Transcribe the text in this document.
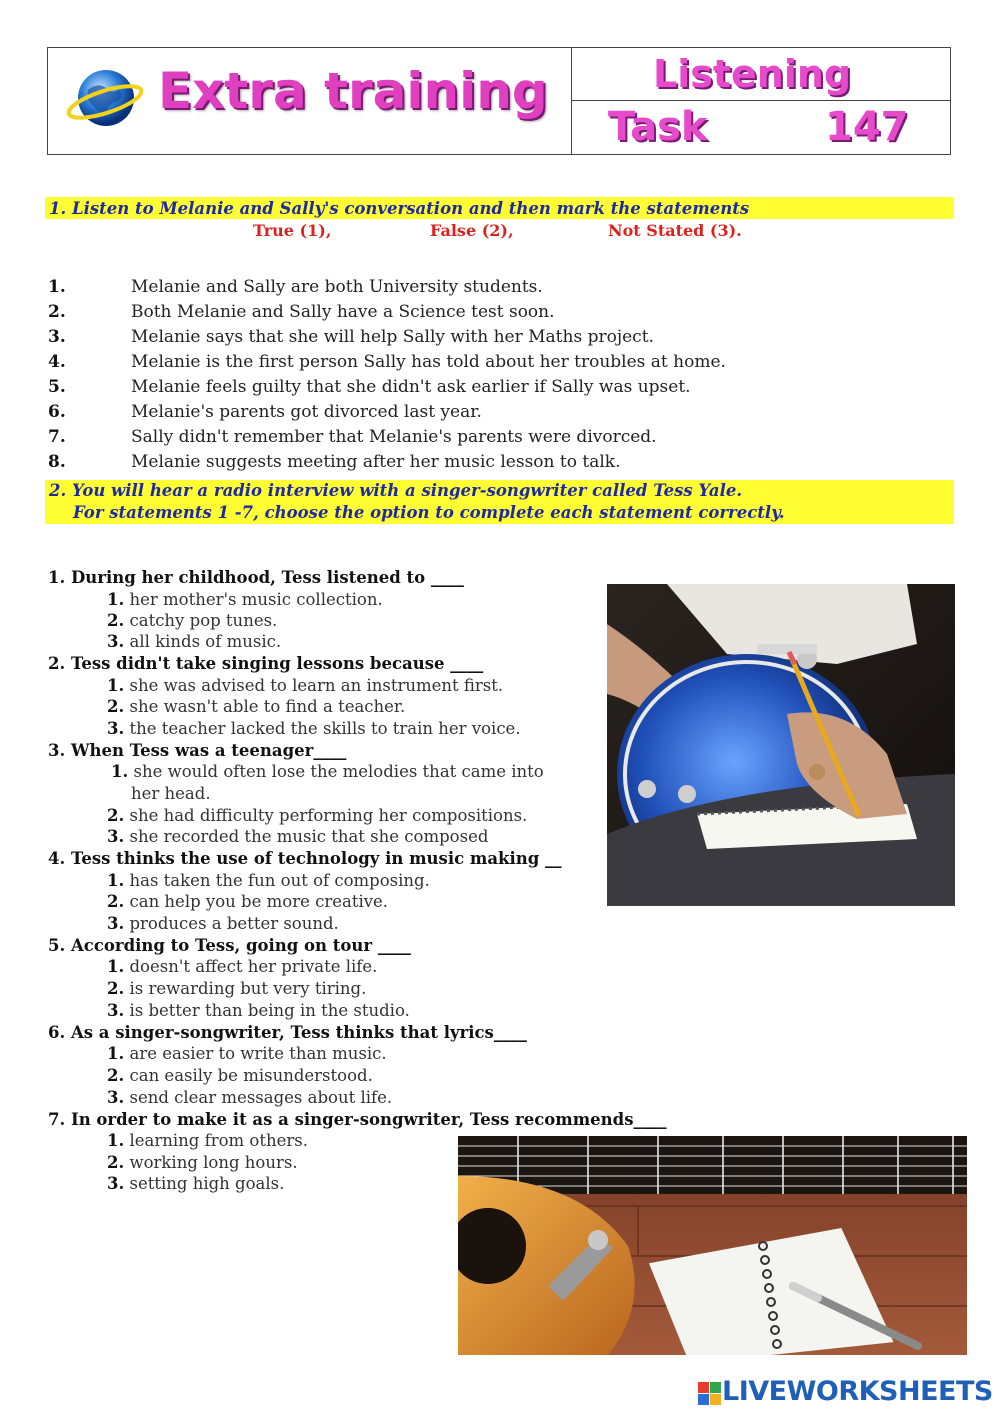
Extra training	Listening
Task	147
1. Listen to Melanie and Sally's conversation and then mark the statements
True (1),	False (2),	Not Stated (3).
1.	Melanie and Sally are both University students.
2.	Both Melanie and Sally have a Science test soon.
3.	Melanie says that she will help Sally with her Maths project.
4.	Melanie is the first person Sally has told about her troubles at home.
5.	Melanie feels guilty that she didn't ask earlier if Sally was upset.
6.	Melanie's parents got divorced last year.
7.	Sally didn't remember that Melanie's parents were divorced.
8.	Melanie suggests meeting after her music lesson to talk.
2. You will hear a radio interview with a singer-songwriter called Tess Yale.
For statements 1 -7, choose the option to complete each statement correctly.
1. During her childhood, Tess listened to ____
1. her mother's music collection.
2. catchy pop tunes.
3. all kinds of music.
2. Tess didn't take singing lessons because ____
1. she was advised to learn an instrument first.
2. she wasn't able to find a teacher.
3. the teacher lacked the skills to train her voice.
3. When Tess was a teenager____
1. she would often lose the melodies that came into
her head.
2. she had difficulty performing her compositions.
3. she recorded the music that she composed
4. Tess thinks the use of technology in music making __
1. has taken the fun out of composing.
2. can help you be more creative.
3. produces a better sound.
5. According to Tess, going on tour ____
1. doesn't affect her private life.
2. is rewarding but very tiring.
3. is better than being in the studio.
6. As a singer-songwriter, Tess thinks that lyrics____
1. are easier to write than music.
2. can easily be misunderstood.
3. send clear messages about life.
7. In order to make it as a singer-songwriter, Tess recommends____
1. learning from others.
2. working long hours.
3. setting high goals.
LIVEWORKSHEETS
